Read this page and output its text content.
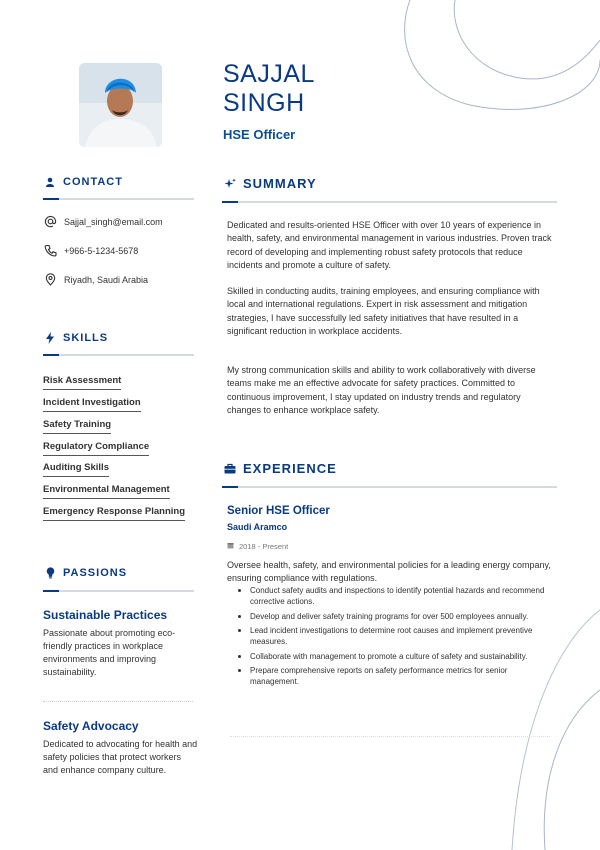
SAJJAL
SINGH
HSE Officer
CONTACT
Sajjal_singh@email.com
+966-5-1234-5678
Riyadh, Saudi Arabia
SKILLS
Risk Assessment
Incident Investigation
Safety Training
Regulatory Compliance
Auditing Skills
Environmental Management
Emergency Response Planning
PASSIONS
Sustainable Practices
Passionate about promoting eco-friendly practices in workplace environments and improving sustainability.
Safety Advocacy
Dedicated to advocating for health and safety policies that protect workers and enhance company culture.
SUMMARY

Dedicated and results-oriented HSE Officer with over 10 years of experience in health, safety, and environmental management in various industries. Proven track record of developing and implementing robust safety protocols that reduce incidents and promote a culture of safety.

Skilled in conducting audits, training employees, and ensuring compliance with local and international regulations. Expert in risk assessment and mitigation strategies, I have successfully led safety initiatives that have resulted in a significant reduction in workplace accidents.

My strong communication skills and ability to work collaboratively with diverse teams make me an effective advocate for safety practices. Committed to continuous improvement, I stay updated on industry trends and regulatory changes to enhance workplace safety.

EXPERIENCE
Senior HSE Officer
Saudi Aramco
2018 - Present
Oversee health, safety, and environmental policies for a leading energy company, ensuring compliance with regulations.
Conduct safety audits and inspections to identify potential hazards and recommend corrective actions.
Develop and deliver safety training programs for over 500 employees annually.
Lead incident investigations to determine root causes and implement preventive measures.
Collaborate with management to promote a culture of safety and sustainability.
Prepare comprehensive reports on safety performance metrics for senior management.
